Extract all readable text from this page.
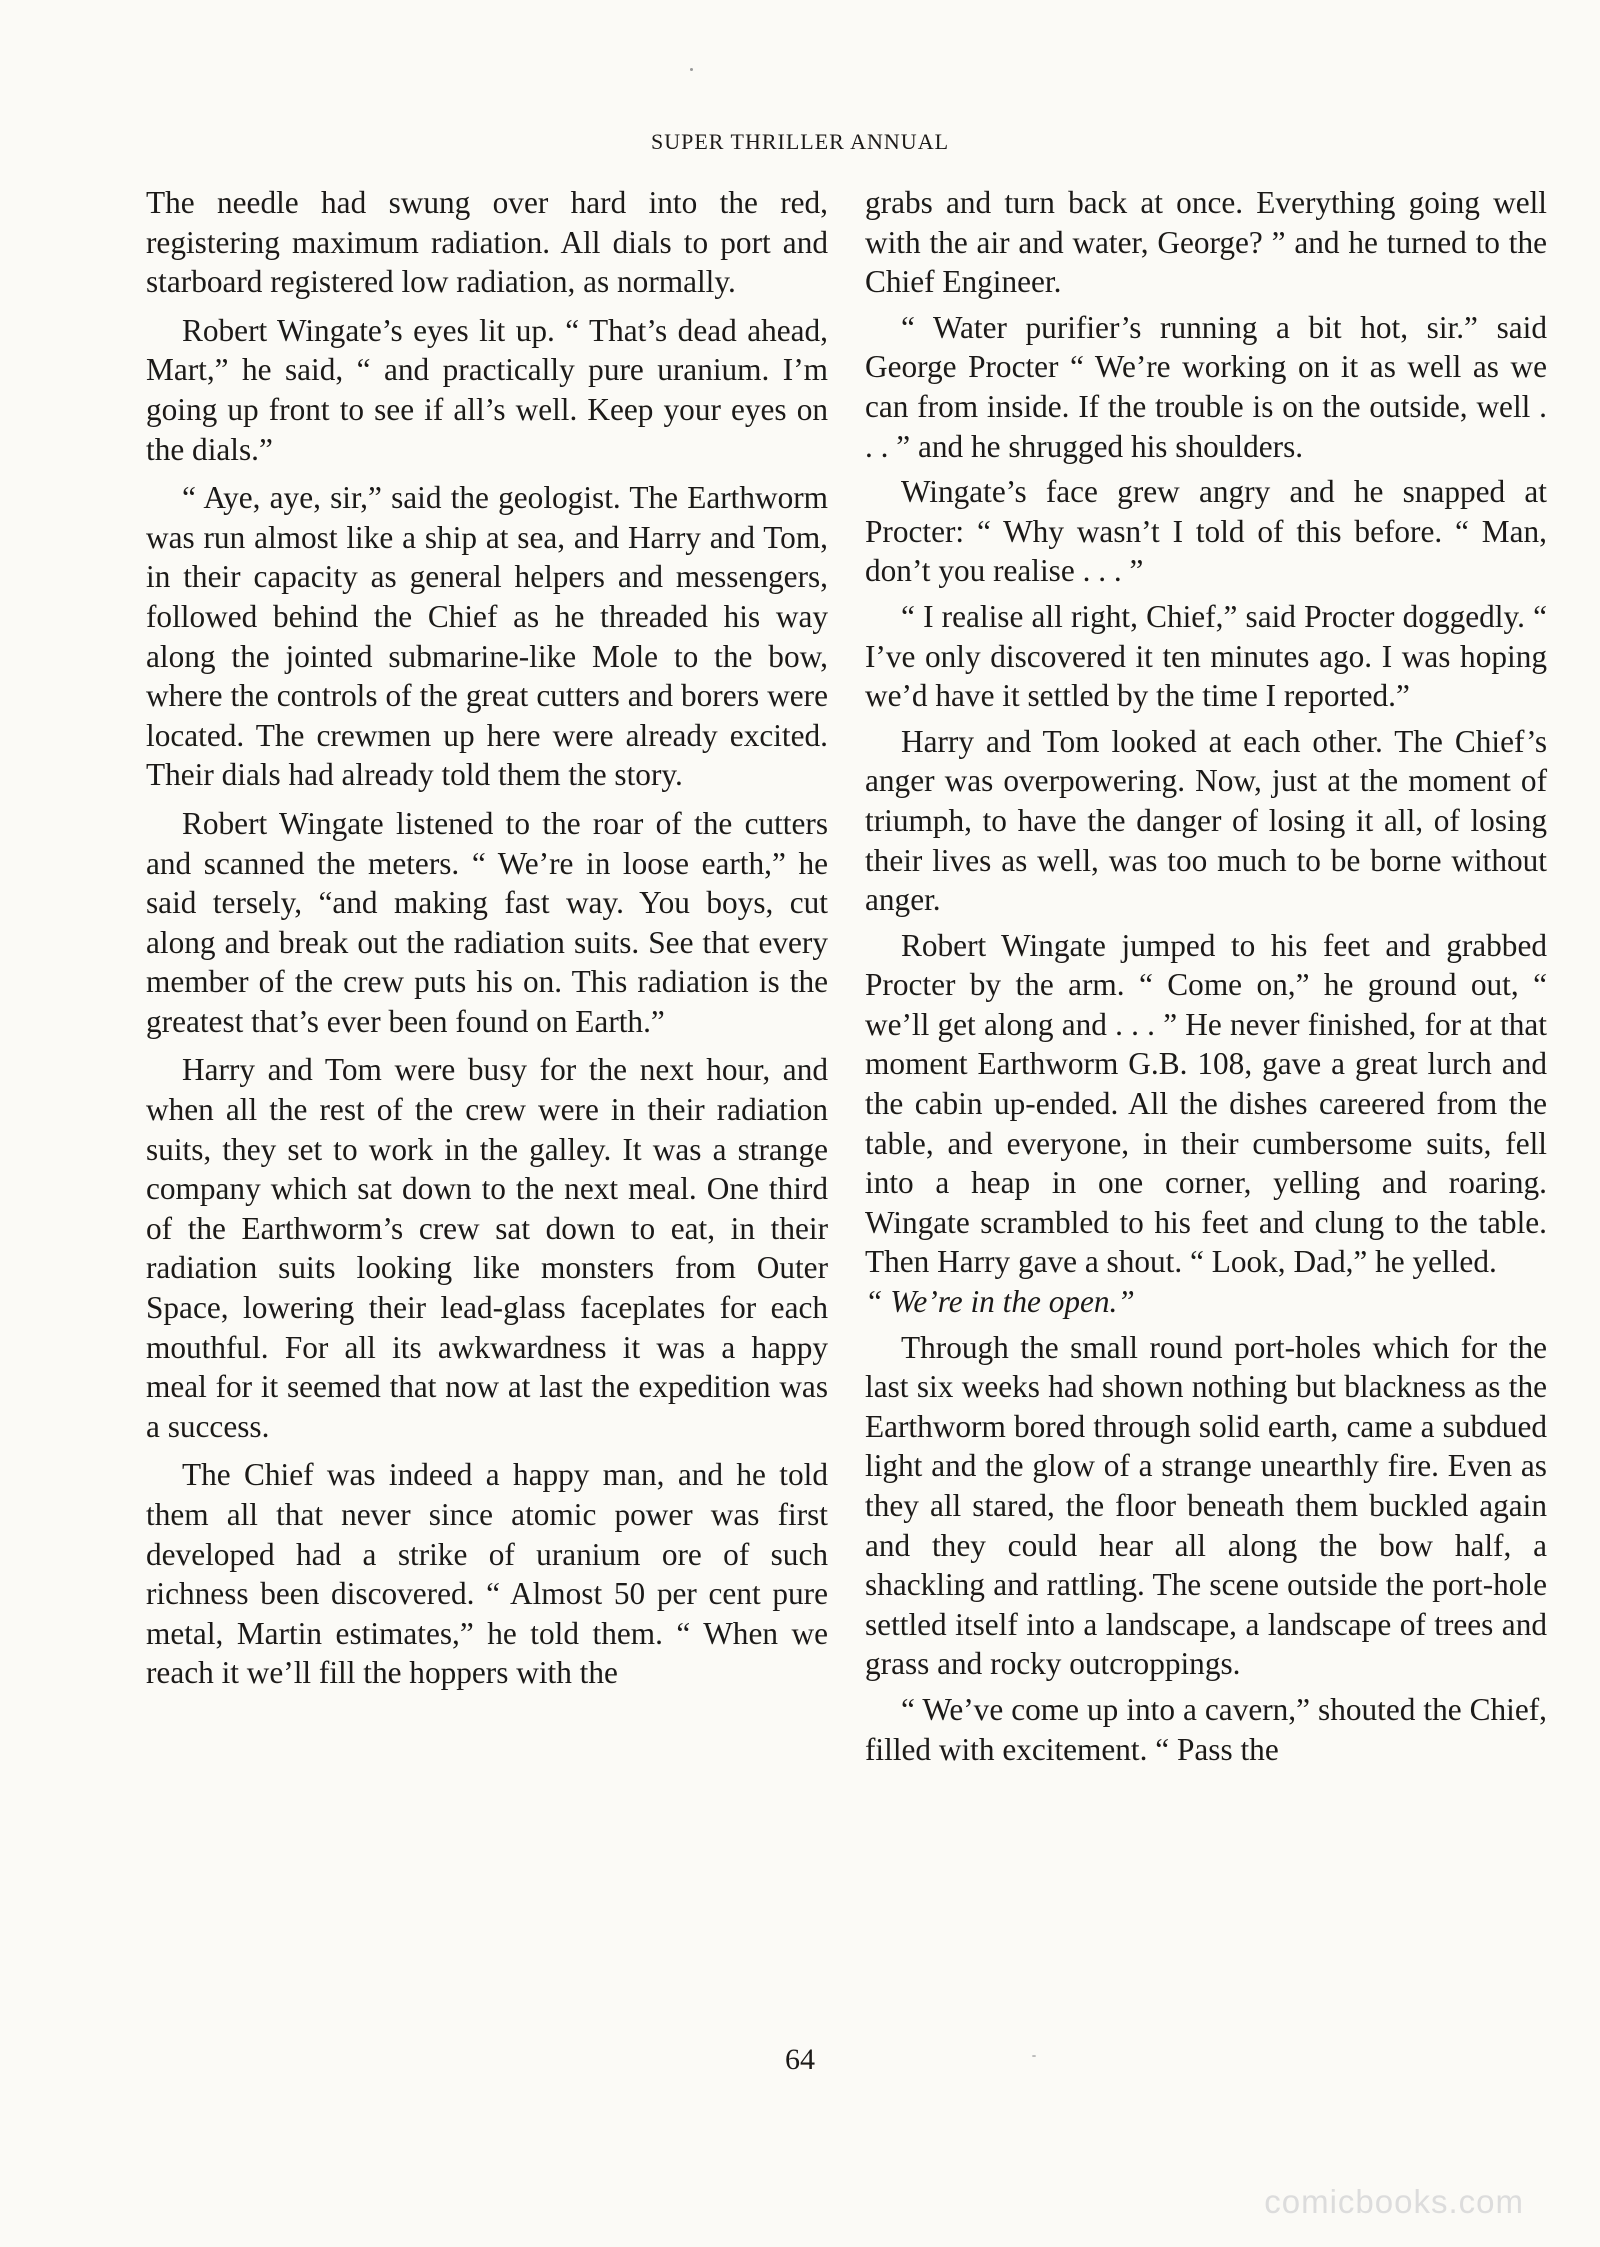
SUPER THRILLER ANNUAL

The needle had swung over hard into the red, registering maximum radiation. All dials to port and starboard registered low radiation, as normally.

Robert Wingate’s eyes lit up. “ That’s dead ahead, Mart,” he said, “ and practically pure uranium. I’m going up front to see if all’s well. Keep your eyes on the dials.”

“ Aye, aye, sir,” said the geologist. The Earthworm was run almost like a ship at sea, and Harry and Tom, in their capacity as general helpers and messengers, followed behind the Chief as he threaded his way along the jointed submarine-like Mole to the bow, where the controls of the great cutters and borers were located. The crewmen up here were already excited. Their dials had already told them the story.

Robert Wingate listened to the roar of the cutters and scanned the meters. “ We’re in loose earth,” he said tersely, “and making fast way. You boys, cut along and break out the radiation suits. See that every member of the crew puts his on. This radiation is the greatest that’s ever been found on Earth.”

Harry and Tom were busy for the next hour, and when all the rest of the crew were in their radiation suits, they set to work in the galley. It was a strange company which sat down to the next meal. One third of the Earthworm’s crew sat down to eat, in their radiation suits looking like monsters from Outer Space, lowering their lead-glass faceplates for each mouthful. For all its awkwardness it was a happy meal for it seemed that now at last the expedition was a success.

The Chief was indeed a happy man, and he told them all that never since atomic power was first developed had a strike of uranium ore of such richness been discovered. “ Almost 50 per cent pure metal, Martin estimates,” he told them. “ When we reach it we’ll fill the hoppers with the

grabs and turn back at once. Everything going well with the air and water, George? ” and he turned to the Chief Engineer.

“ Water purifier’s running a bit hot, sir.” said George Procter “ We’re working on it as well as we can from inside. If the trouble is on the outside, well . . . ” and he shrugged his shoulders.

Wingate’s face grew angry and he snapped at Procter: “ Why wasn’t I told of this before. “ Man, don’t you realise . . . ”

“ I realise all right, Chief,” said Procter doggedly. “ I’ve only discovered it ten minutes ago. I was hoping we’d have it settled by the time I reported.”

Harry and Tom looked at each other. The Chief’s anger was overpowering. Now, just at the moment of triumph, to have the danger of losing it all, of losing their lives as well, was too much to be borne without anger.

Robert Wingate jumped to his feet and grabbed Procter by the arm. “ Come on,” he ground out, “ we’ll get along and . . . ” He never finished, for at that moment Earthworm G.B. 108, gave a great lurch and the cabin up-ended. All the dishes careered from the table, and everyone, in their cumbersome suits, fell into a heap in one corner, yelling and roaring. Wingate scrambled to his feet and clung to the table. Then Harry gave a shout. “ Look, Dad,” he yelled.

“ We’re in the open.”

Through the small round port-holes which for the last six weeks had shown nothing but blackness as the Earthworm bored through solid earth, came a subdued light and the glow of a strange unearthly fire. Even as they all stared, the floor beneath them buckled again and they could hear all along the bow half, a shackling and rattling. The scene outside the port-hole settled itself into a landscape, a landscape of trees and grass and rocky outcroppings.

“ We’ve come up into a cavern,” shouted the Chief, filled with excitement. “ Pass the

64
comicbooks.com
